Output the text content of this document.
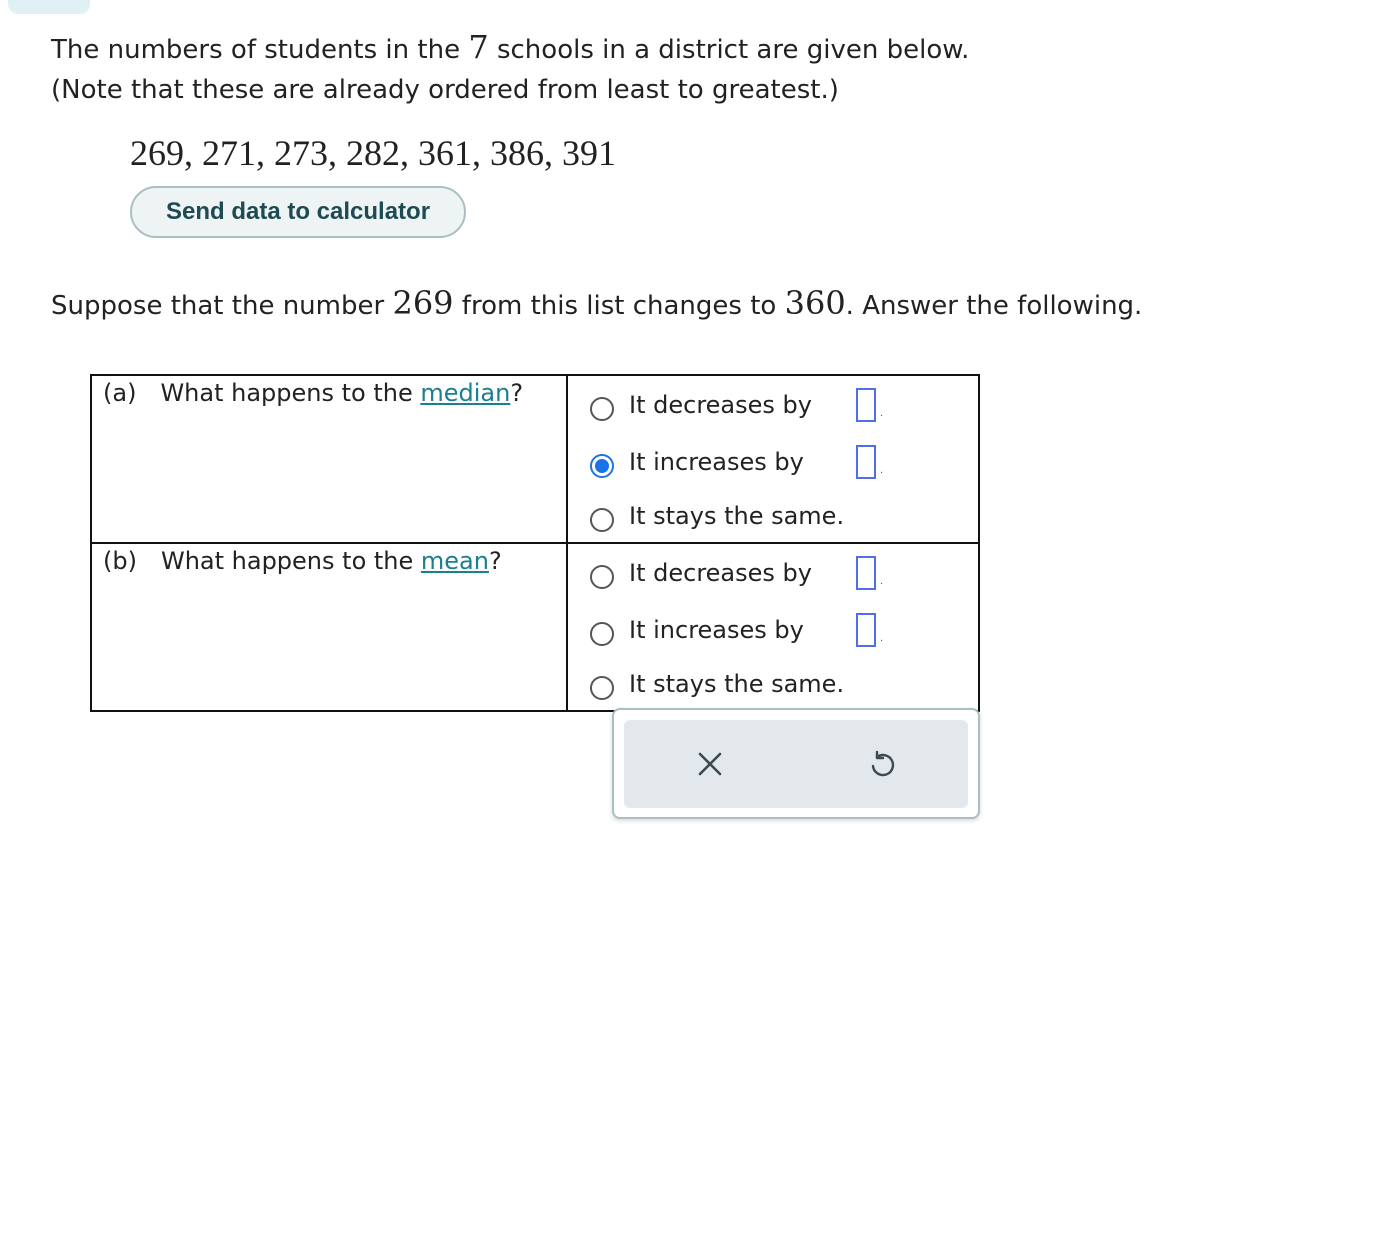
The numbers of students in the 7 schools in a district are given below.
(Note that these are already ordered from least to greatest.)
269, 271, 273, 282, 361, 386, 391
Send data to calculator
Suppose that the number 269 from this list changes to 360. Answer the following.
(a) What happens to the median?	It decreases by .
It increases by .
It stays the same.

(b) What happens to the mean?	It decreases by .
It increases by .
It stays the same.
